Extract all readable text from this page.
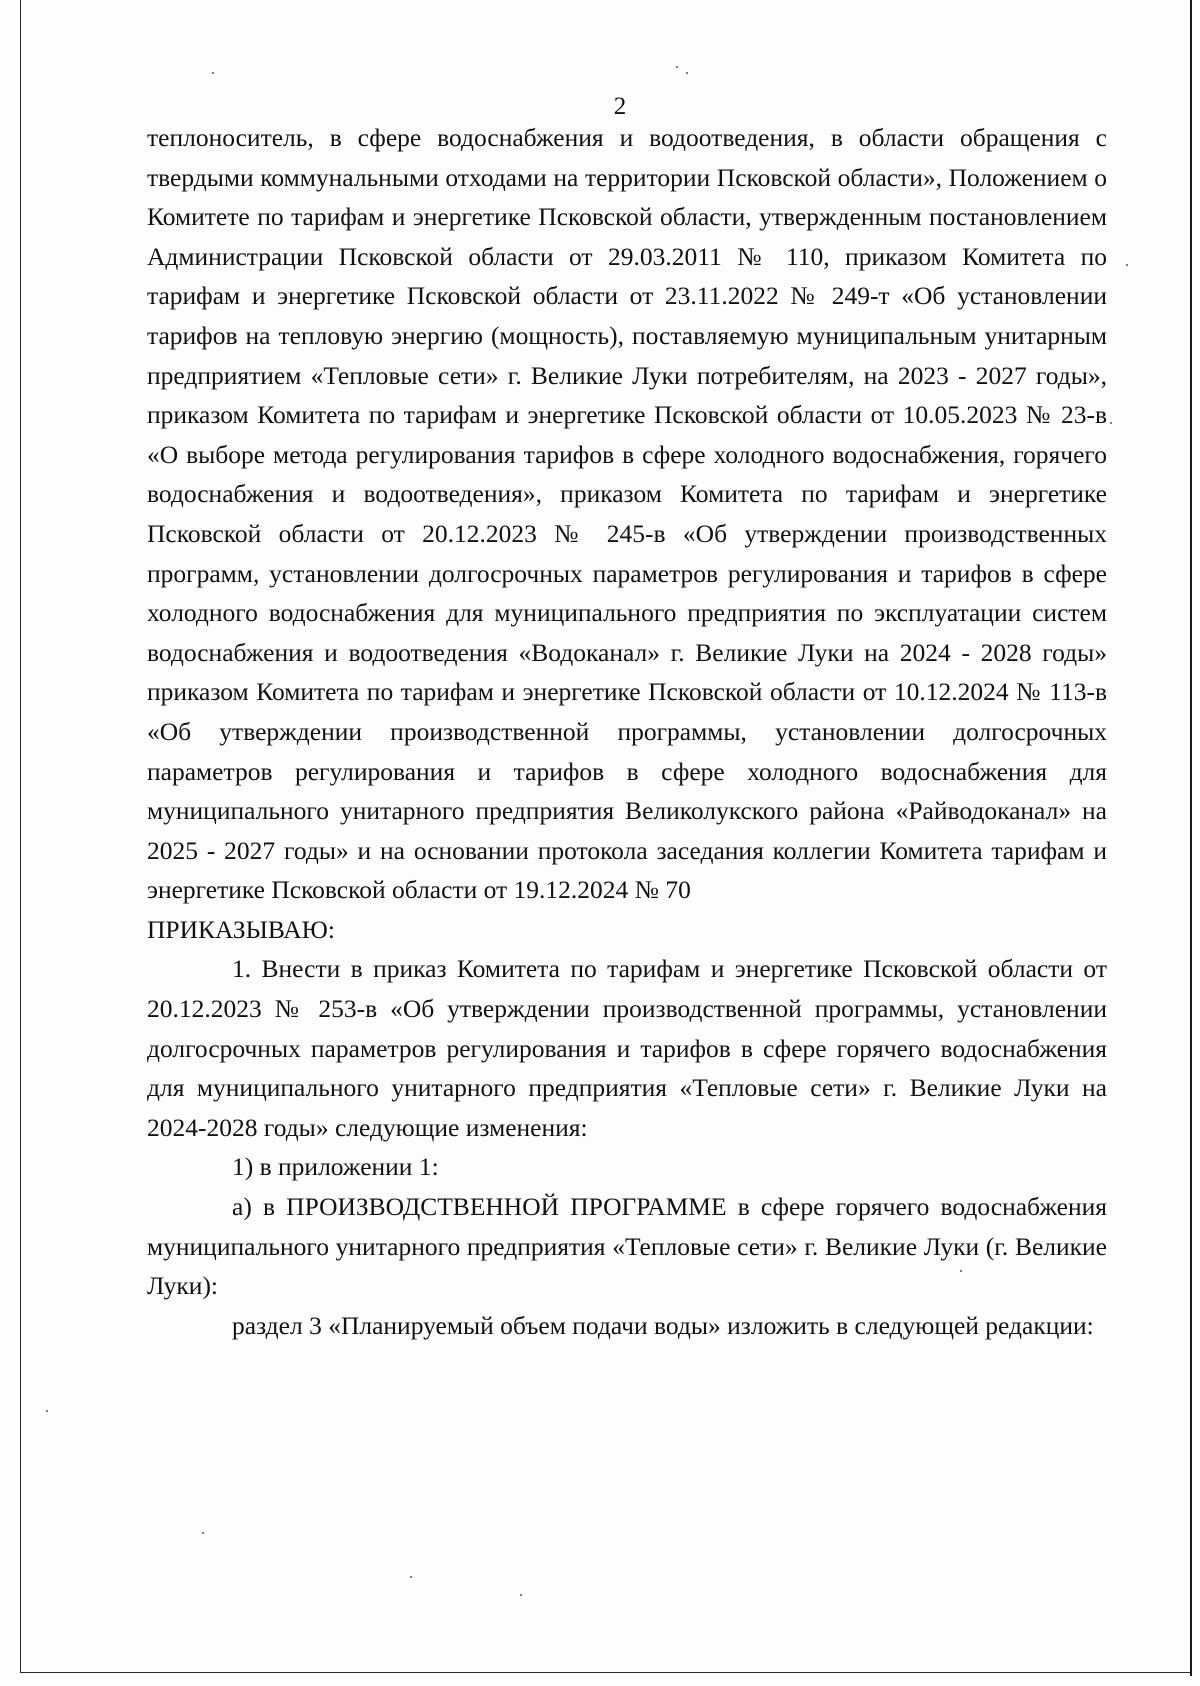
2

теплоноситель, в сфере водоснабжения и водоотведения, в области обращения с твердыми коммунальными отходами на территории Псковской области», Положением о Комитете по тарифам и энергетике Псковской области, утвержденным постановлением Администрации Псковской области от 29.03.2011 № 110, приказом Комитета по тарифам и энергетике Псковской области от 23.11.2022 № 249-т «Об установлении тарифов на тепловую энергию (мощность), поставляемую муниципальным унитарным предприятием «Тепловые сети» г. Великие Луки потребителям, на 2023 - 2027 годы», приказом Комитета по тарифам и энергетике Псковской области от 10.05.2023 № 23-в «О выборе метода регулирования тарифов в сфере холодного водоснабжения, горячего водоснабжения и водоотведения», приказом Комитета по тарифам и энергетике Псковской области от 20.12.2023 № 245-в «Об утверждении производственных программ, установлении долгосрочных параметров регулирования и тарифов в сфере холодного водоснабжения для муниципального предприятия по эксплуатации систем водоснабжения и водоотведения «Водоканал» г. Великие Луки на 2024 - 2028 годы» приказом Комитета по тарифам и энергетике Псковской области от 10.12.2024 № 113-в «Об утверждении производственной программы, установлении долгосрочных параметров регулирования и тарифов в сфере холодного водоснабжения для муниципального унитарного предприятия Великолукского района «Райводоканал» на 2025 - 2027 годы» и на основании протокола заседания коллегии Комитета тарифам и энергетике Псковской области от 19.12.2024 № 70

ПРИКАЗЫВАЮ:

1. Внести в приказ Комитета по тарифам и энергетике Псковской области от 20.12.2023 № 253-в «Об утверждении производственной программы, установлении долгосрочных параметров регулирования и тарифов в сфере горячего водоснабжения для муниципального унитарного предприятия «Тепловые сети» г. Великие Луки на 2024-2028 годы» следующие изменения:

1) в приложении 1:

а) в ПРОИЗВОДСТВЕННОЙ ПРОГРАММЕ в сфере горячего водоснабжения муниципального унитарного предприятия «Тепловые сети» г. Великие Луки (г. Великие Луки):

раздел 3 «Планируемый объем подачи воды» изложить в следующей редакции:
